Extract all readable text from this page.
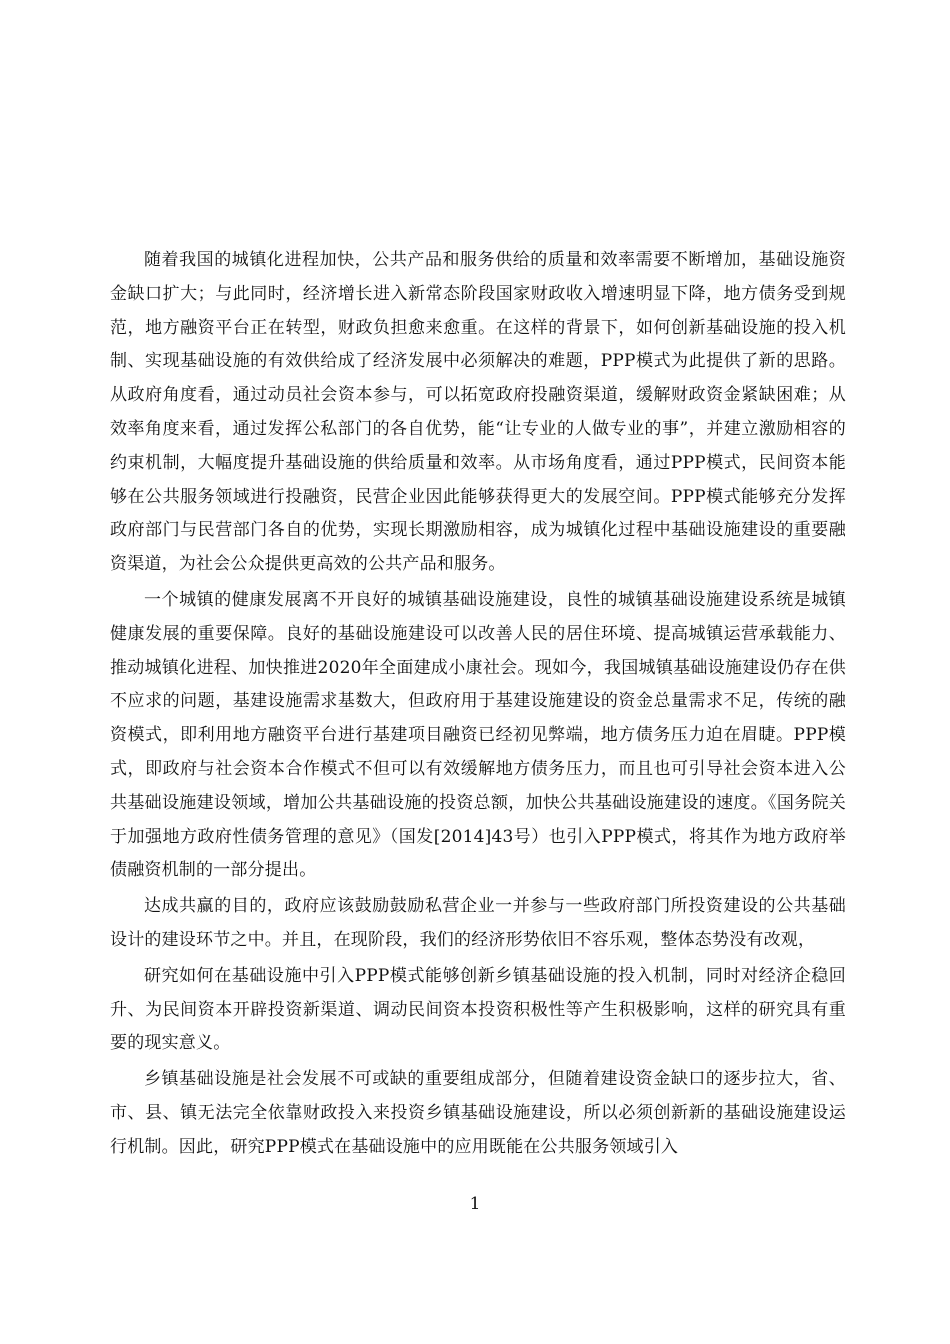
随着我国的城镇化进程加快，公共产品和服务供给的质量和效率需要不断增加，基础设施资金缺口扩大；与此同时，经济增长进入新常态阶段国家财政收入增速明显下降，地方债务受到规范，地方融资平台正在转型，财政负担愈来愈重。在这样的背景下，如何创新基础设施的投入机制、实现基础设施的有效供给成了经济发展中必须解决的难题，PPP模式为此提供了新的思路。从政府角度看，通过动员社会资本参与，可以拓宽政府投融资渠道，缓解财政资金紧缺困难；从效率角度来看，通过发挥公私部门的各自优势，能“让专业的人做专业的事”，并建立激励相容的约束机制，大幅度提升基础设施的供给质量和效率。从市场角度看，通过PPP模式，民间资本能够在公共服务领域进行投融资，民营企业因此能够获得更大的发展空间。PPP模式能够充分发挥政府部门与民营部门各自的优势，实现长期激励相容，成为城镇化过程中基础设施建设的重要融资渠道，为社会公众提供更高效的公共产品和服务。

一个城镇的健康发展离不开良好的城镇基础设施建设，良性的城镇基础设施建设系统是城镇健康发展的重要保障。良好的基础设施建设可以改善人民的居住环境、提高城镇运营承载能力、推动城镇化进程、加快推进2020年全面建成小康社会。现如今，我国城镇基础设施建设仍存在供不应求的问题，基建设施需求基数大，但政府用于基建设施建设的资金总量需求不足，传统的融资模式，即利用地方融资平台进行基建项目融资已经初见弊端，地方债务压力迫在眉睫。PPP模式，即政府与社会资本合作模式不但可以有效缓解地方债务压力，而且也可引导社会资本进入公共基础设施建设领域，增加公共基础设施的投资总额，加快公共基础设施建设的速度。《国务院关于加强地方政府性债务管理的意见》（国发[2014]43号）也引入PPP模式，将其作为地方政府举债融资机制的一部分提出。

达成共赢的目的，政府应该鼓励鼓励私营企业一并参与一些政府部门所投资建设的公共基础设计的建设环节之中。并且，在现阶段，我们的经济形势依旧不容乐观，整体态势没有改观，

研究如何在基础设施中引入PPP模式能够创新乡镇基础设施的投入机制，同时对经济企稳回升、为民间资本开辟投资新渠道、调动民间资本投资积极性等产生积极影响，这样的研究具有重要的现实意义。

乡镇基础设施是社会发展不可或缺的重要组成部分，但随着建设资金缺口的逐步拉大，省、市、县、镇无法完全依靠财政投入来投资乡镇基础设施建设，所以必须创新新的基础设施建设运行机制。因此，研究PPP模式在基础设施中的应用既能在公共服务领域引入

1
